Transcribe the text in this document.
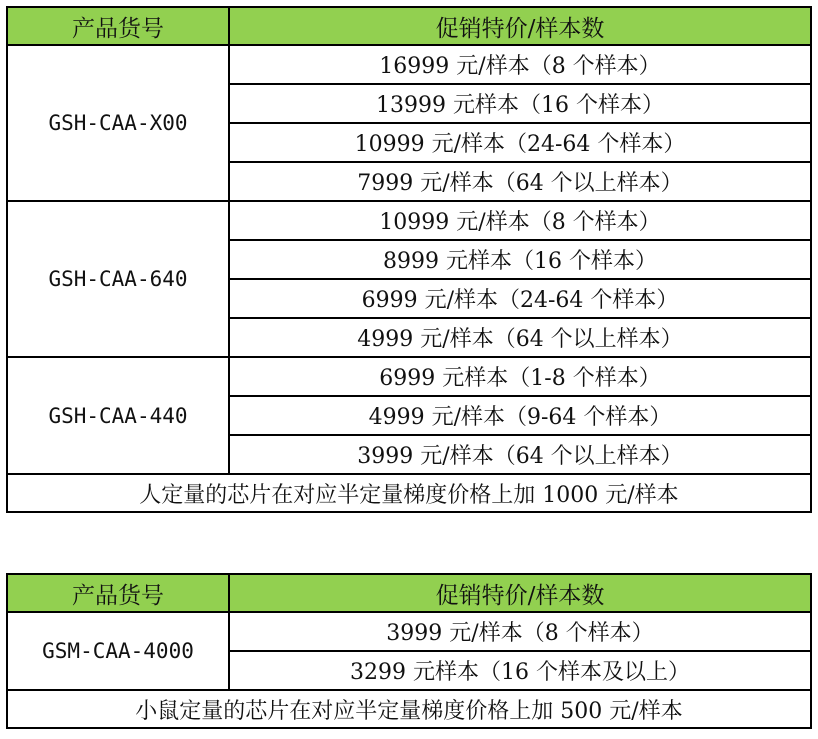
产品货号	促销特价/样本数
GSH-CAA-X00	16999 元/样本（8 个样本）
	13999 元样本（16 个样本）
	10999 元/样本（24-64 个样本）
	7999 元/样本（64 个以上样本）
GSH-CAA-640	10999 元/样本（8 个样本）
	8999 元样本（16 个样本）
	6999 元/样本（24-64 个样本）
	4999 元/样本（64 个以上样本）
GSH-CAA-440	6999 元样本（1-8 个样本）
	4999 元/样本（9-64 个样本）
	3999 元/样本（64 个以上样本）
人定量的芯片在对应半定量梯度价格上加 1000 元/样本	
产品货号	促销特价/样本数
GSM-CAA-4000	3999 元/样本（8 个样本）
	3299 元样本（16 个样本及以上）
小鼠定量的芯片在对应半定量梯度价格上加 500 元/样本	
